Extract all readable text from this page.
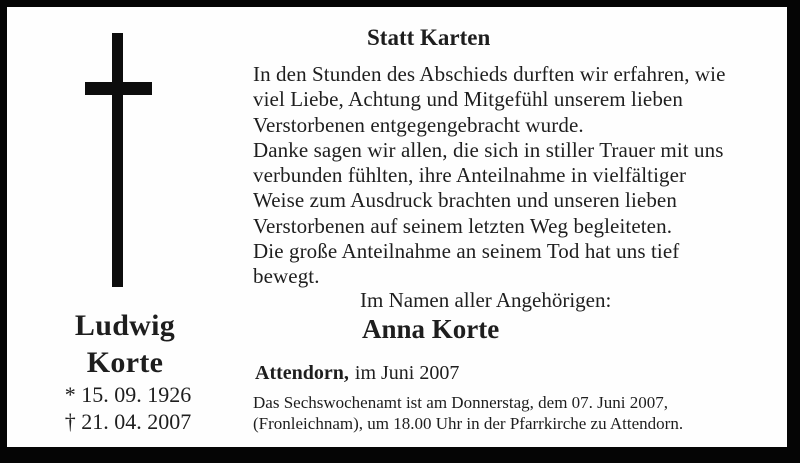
Ludwig
Korte
* 15. 09. 1926
† 21. 04. 2007
Statt Karten
In den Stunden des Abschieds durften wir erfahren, wie
viel Liebe, Achtung und Mitgefühl unserem lieben
Verstorbenen entgegengebracht wurde.
Danke sagen wir allen, die sich in stiller Trauer mit uns
verbunden fühlten, ihre Anteilnahme in vielfältiger
Weise zum Ausdruck brachten und unseren lieben
Verstorbenen auf seinem letzten Weg begleiteten.
Die große Anteilnahme an seinem Tod hat uns tief
bewegt.
Im Namen aller Angehörigen:
Anna Korte
Attendorn, im Juni 2007
Das Sechswochenamt ist am Donnerstag, dem 07. Juni 2007,
(Fronleichnam), um 18.00 Uhr in der Pfarrkirche zu Attendorn.
